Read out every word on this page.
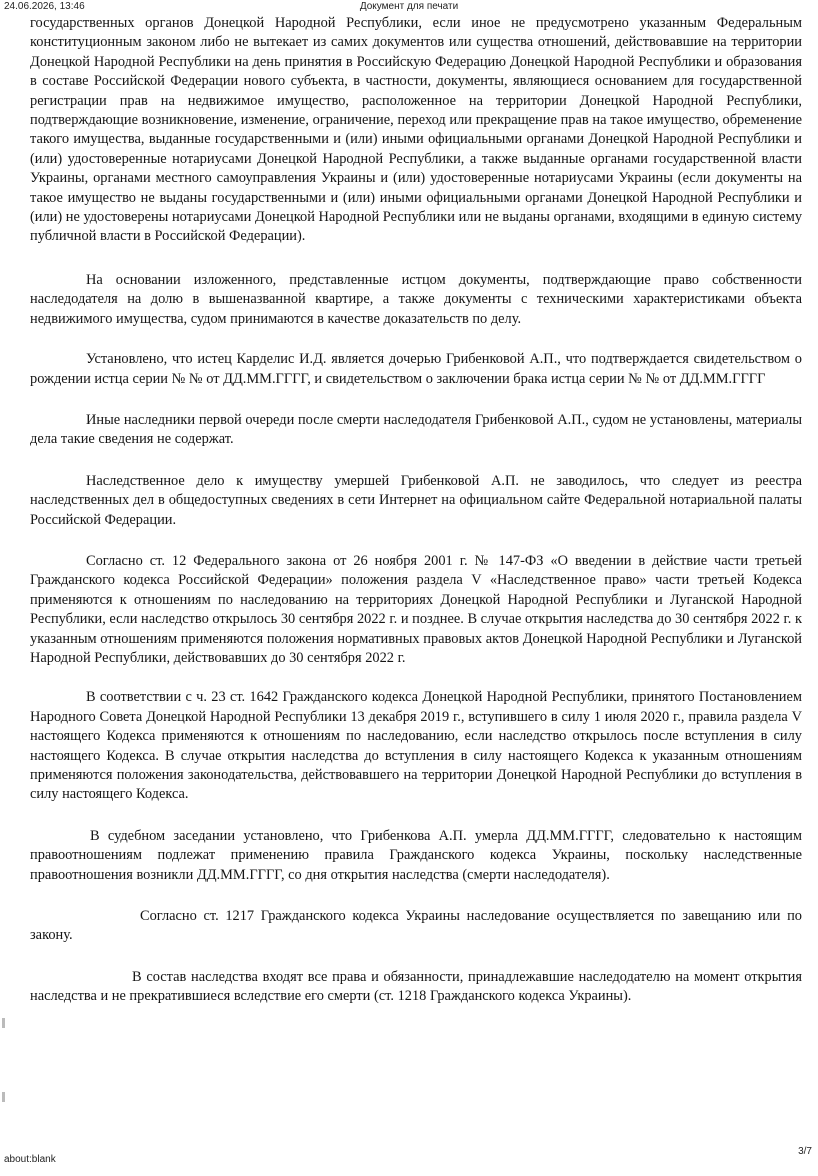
24.06.2026, 13:46	Документ для печати

государственных органов Донецкой Народной Республики, если иное не предусмотрено указанным Федеральным конституционным законом либо не вытекает из самих документов или существа отношений, действовавшие на территории Донецкой Народной Республики на день принятия в Российскую Федерацию Донецкой Народной Республики и образования в составе Российской Федерации нового субъекта, в частности, документы, являющиеся основанием для государственной регистрации прав на недвижимое имущество, расположенное на территории Донецкой Народной Республики, подтверждающие возникновение, изменение, ограничение, переход или прекращение прав на такое имущество, обременение такого имущества, выданные государственными и (или) иными официальными органами Донецкой Народной Республики и (или) удостоверенные нотариусами Донецкой Народной Республики, а также выданные органами государственной власти Украины, органами местного самоуправления Украины и (или) удостоверенные нотариусами Украины (если документы на такое имущество не выданы государственными и (или) иными официальными органами Донецкой Народной Республики и (или) не удостоверены нотариусами Донецкой Народной Республики или не выданы органами, входящими в единую систему публичной власти в Российской Федерации).

На основании изложенного, представленные истцом документы, подтверждающие право собственности наследодателя на долю в вышеназванной квартире, а также документы с техническими характеристиками объекта недвижимого имущества, судом принимаются в качестве доказательств по делу.

Установлено, что истец Карделис И.Д. является дочерью Грибенковой А.П., что подтверждается свидетельством о рождении истца серии № № от ДД.ММ.ГГГГ, и свидетельством о заключении брака истца серии № № от ДД.ММ.ГГГГ

Иные наследники первой очереди после смерти наследодателя Грибенковой А.П., судом не установлены, материалы дела такие сведения не содержат.

Наследственное дело к имуществу умершей Грибенковой А.П. не заводилось, что следует из реестра наследственных дел в общедоступных сведениях в сети Интернет на официальном сайте Федеральной нотариальной палаты Российской Федерации.

Согласно ст. 12 Федерального закона от 26 ноября 2001 г. № 147-ФЗ «О введении в действие части третьей Гражданского кодекса Российской Федерации» положения раздела V «Наследственное право» части третьей Кодекса применяются к отношениям по наследованию на территориях Донецкой Народной Республики и Луганской Народной Республики, если наследство открылось 30 сентября 2022 г. и позднее. В случае открытия наследства до 30 сентября 2022 г. к указанным отношениям применяются положения нормативных правовых актов Донецкой Народной Республики и Луганской Народной Республики, действовавших до 30 сентября 2022 г.

В соответствии с ч. 23 ст. 1642 Гражданского кодекса Донецкой Народной Республики, принятого Постановлением Народного Совета Донецкой Народной Республики 13 декабря 2019 г., вступившего в силу 1 июля 2020 г., правила раздела V настоящего Кодекса применяются к отношениям по наследованию, если наследство открылось после вступления в силу настоящего Кодекса. В случае открытия наследства до вступления в силу настоящего Кодекса к указанным отношениям применяются положения законодательства, действовавшего на территории Донецкой Народной Республики до вступления в силу настоящего Кодекса.

В судебном заседании установлено, что Грибенкова А.П. умерла ДД.ММ.ГГГГ, следовательно к настоящим правоотношениям подлежат применению правила Гражданского кодекса Украины, поскольку наследственные правоотношения возникли ДД.ММ.ГГГГ, со дня открытия наследства (смерти наследодателя).

Согласно ст. 1217 Гражданского кодекса Украины наследование осуществляется по завещанию или по закону.

В состав наследства входят все права и обязанности, принадлежавшие наследодателю на момент открытия наследства и не прекратившиеся вследствие его смерти (ст. 1218 Гражданского кодекса Украины).

about:blank
3/7
